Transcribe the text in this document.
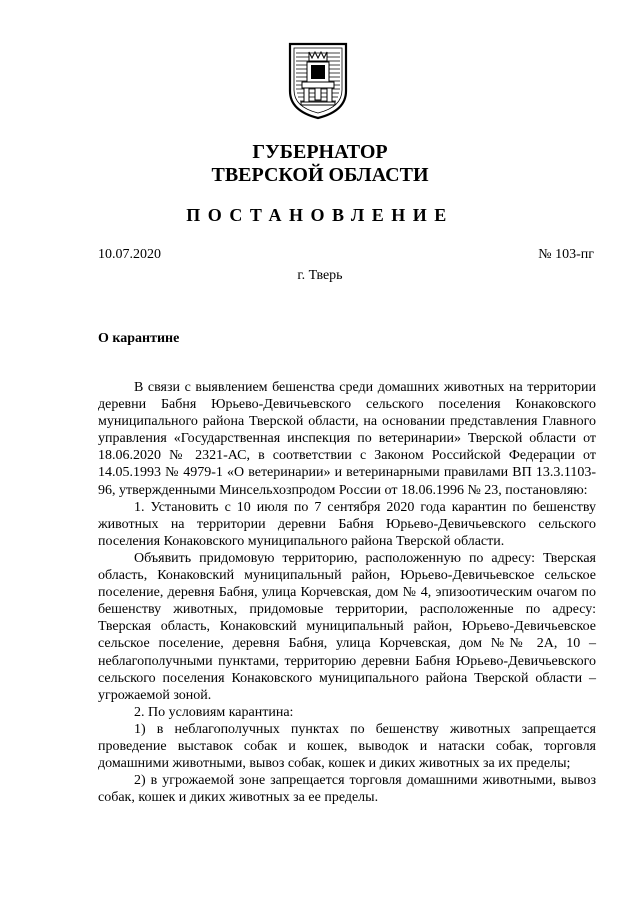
ГУБЕРНАТОР
ТВЕРСКОЙ ОБЛАСТИ
ПОСТАНОВЛЕНИЕ
10.07.2020	№ 103-пг
г. Тверь
О карантине

В связи с выявлением бешенства среди домашних животных на территории деревни Бабня Юрьево-Девичьевского сельского поселения Конаковского муниципального района Тверской области, на основании представления Главного управления «Государственная инспекция по ветеринарии» Тверской области от 18.06.2020 № 2321-АС, в соответствии с Законом Российской Федерации от 14.05.1993 № 4979-1 «О ветеринарии» и ветеринарными правилами ВП 13.3.1103-96, утвержденными Минсельхозпродом России от 18.06.1996 № 23, постановляю:

1. Установить с 10 июля по 7 сентября 2020 года карантин по бешенству животных на территории деревни Бабня Юрьево-Девичьевского сельского поселения Конаковского муниципального района Тверской области.

Объявить придомовую территорию, расположенную по адресу: Тверская область, Конаковский муниципальный район, Юрьево-Девичьевское сельское поселение, деревня Бабня, улица Корчевская, дом № 4, эпизоотическим очагом по бешенству животных, придомовые территории, расположенные по адресу: Тверская область, Конаковский муниципальный район, Юрьево-Девичьевское сельское поселение, деревня Бабня, улица Корчевская, дом №№ 2А, 10 – неблагополучными пунктами, территорию деревни Бабня Юрьево-Девичьевского сельского поселения Конаковского муниципального района Тверской области – угрожаемой зоной.

2. По условиям карантина:

1) в неблагополучных пунктах по бешенству животных запрещается проведение выставок собак и кошек, выводок и натаски собак, торговля домашними животными, вывоз собак, кошек и диких животных за их пределы;

2) в угрожаемой зоне запрещается торговля домашними животными, вывоз собак, кошек и диких животных за ее пределы.
